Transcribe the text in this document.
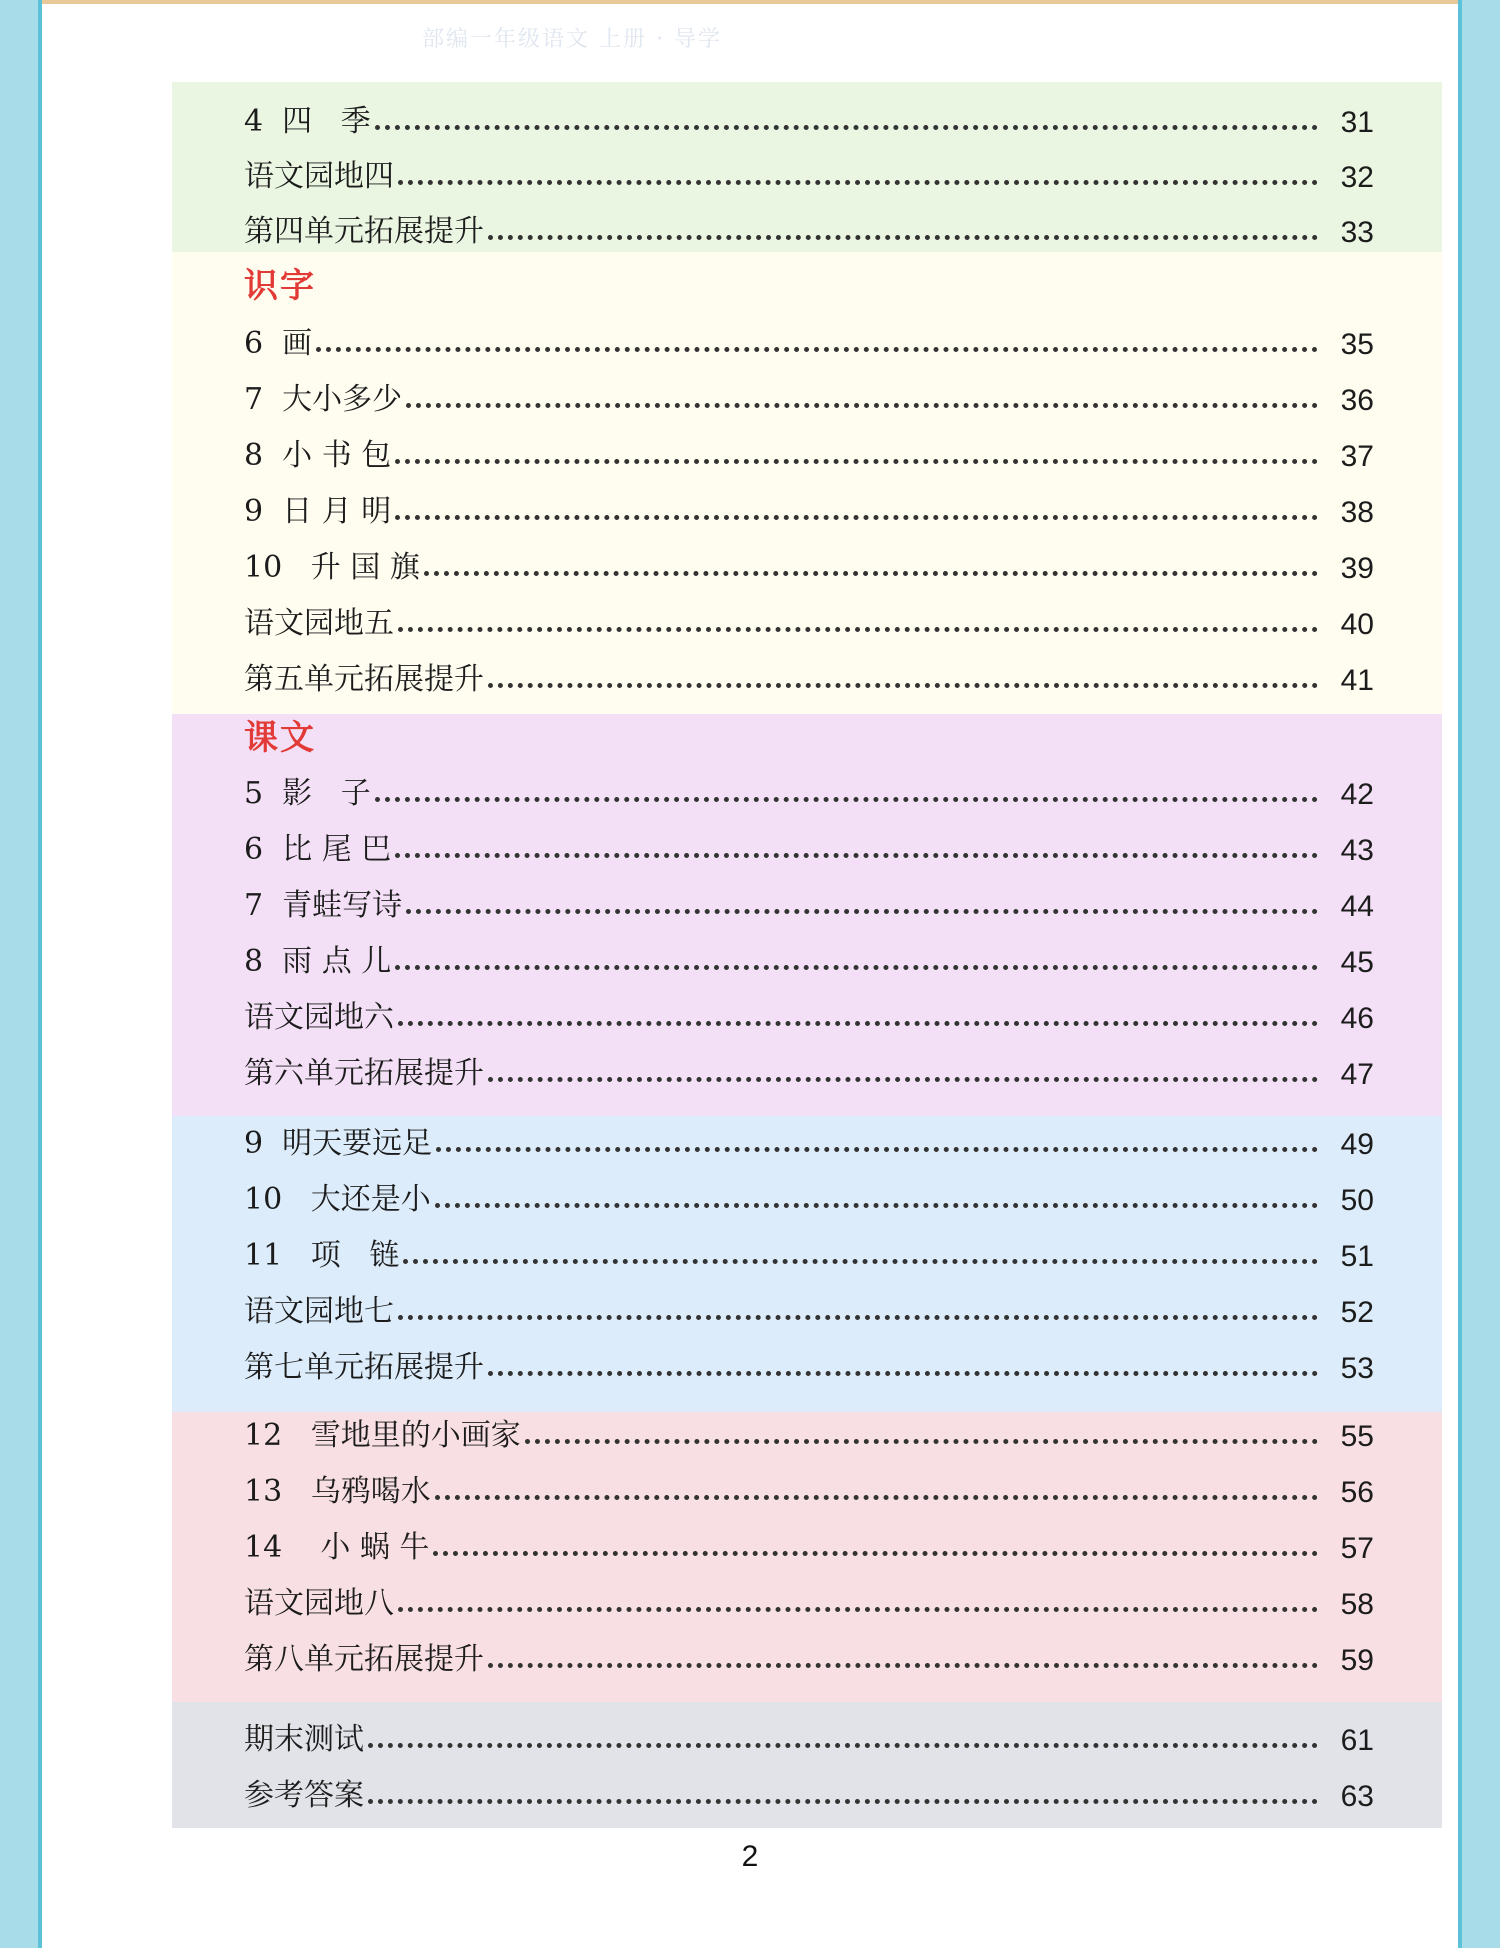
部编一年级语文 上册 · 导学
4  四   季	31
语文园地四	32
第四单元拓展提升	33
识字
6  画	35
7  大小多少	36
8  小 书 包	37
9  日 月 明	38
10   升 国 旗	39
语文园地五	40
第五单元拓展提升	41
课文
5  影   子	42
6  比 尾 巴	43
7  青蛙写诗	44
8  雨 点 儿	45
语文园地六	46
第六单元拓展提升	47
9  明天要远足	49
10   大还是小	50
11   项   链	51
语文园地七	52
第七单元拓展提升	53
12   雪地里的小画家	55
13   乌鸦喝水	56
14    小 蜗 牛	57
语文园地八	58
第八单元拓展提升	59
期末测试	61
参考答案	63
2
